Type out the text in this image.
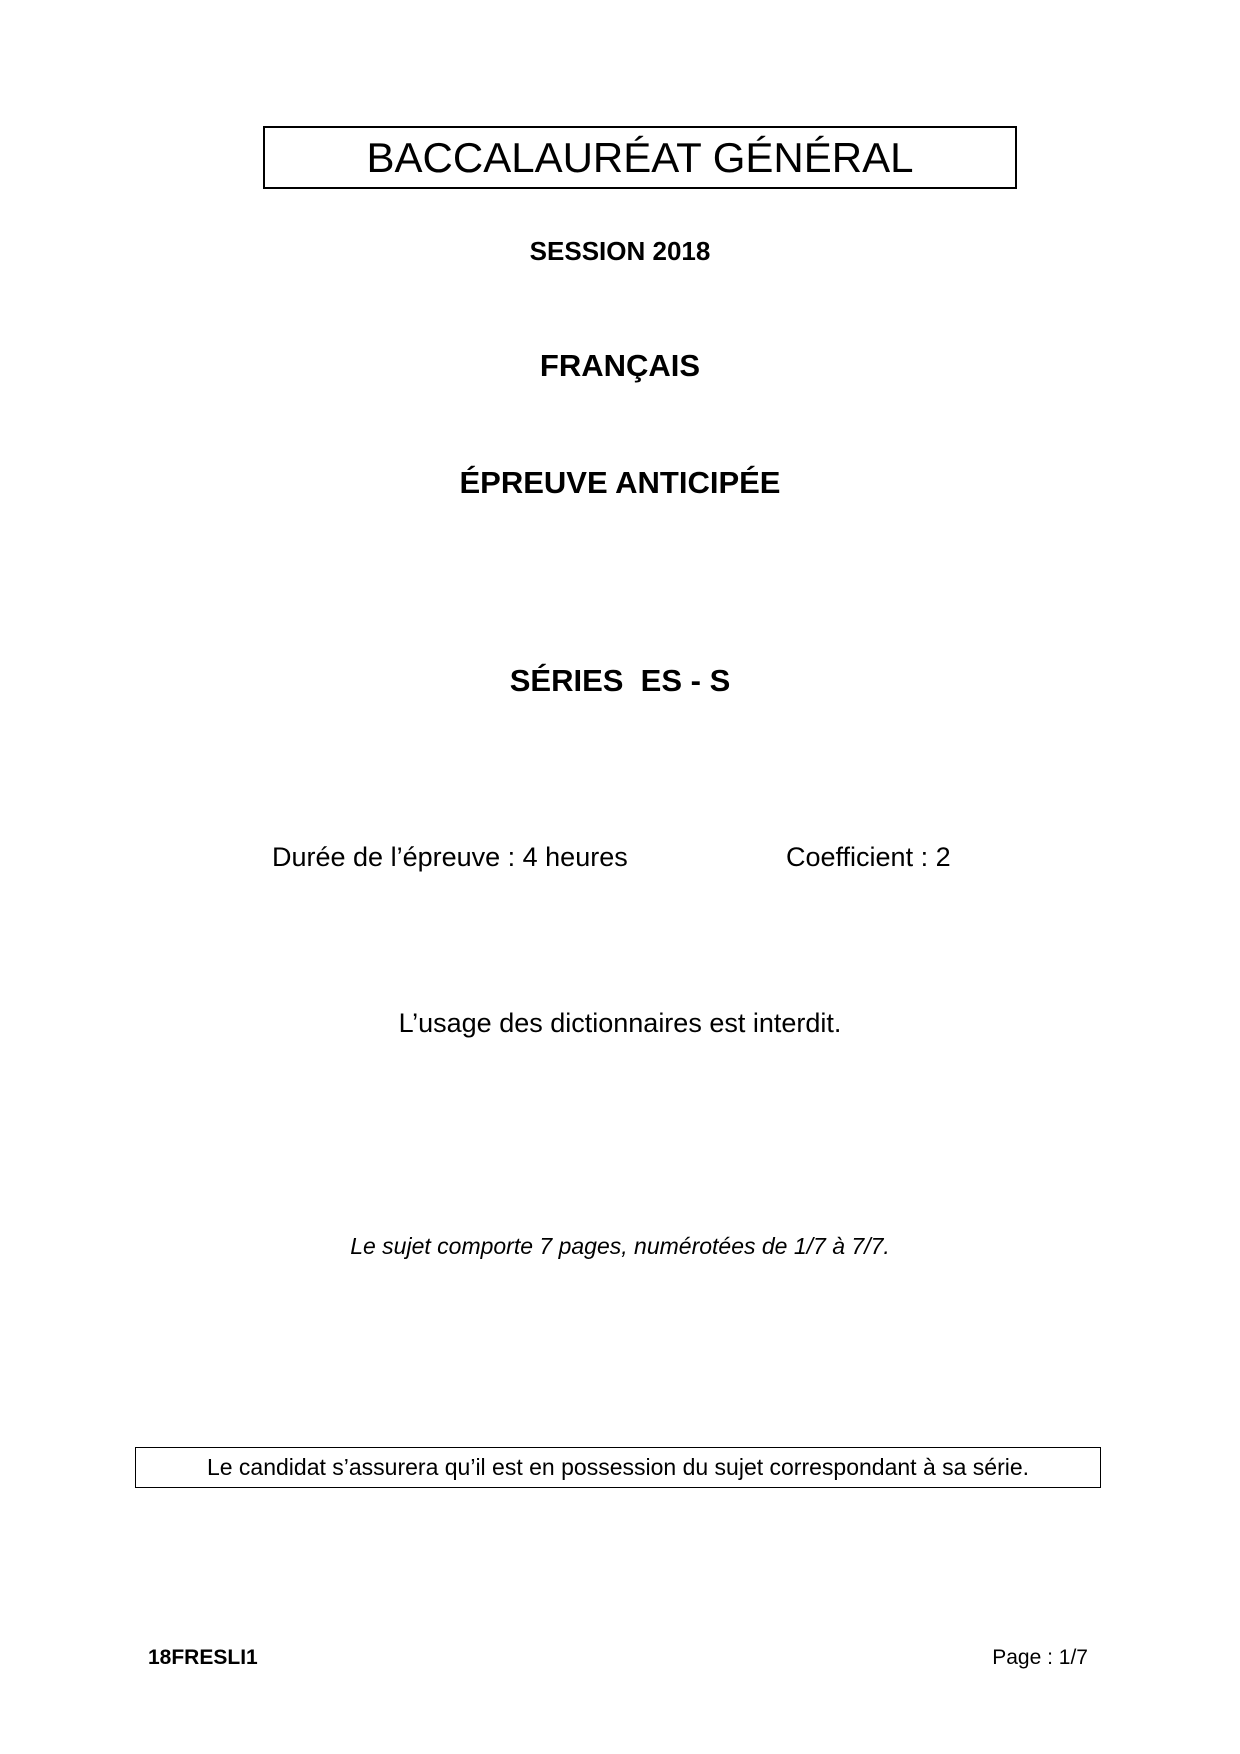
BACCALAURÉAT GÉNÉRAL
SESSION 2018
FRANÇAIS
ÉPREUVE ANTICIPÉE
SÉRIES  ES - S
Durée de l’épreuve : 4 heures	Coefficient : 2
L’usage des dictionnaires est interdit.
Le sujet comporte 7 pages, numérotées de 1/7 à 7/7.
Le candidat s’assurera qu’il est en possession du sujet correspondant à sa série.
18FRESLI1	Page : 1/7
